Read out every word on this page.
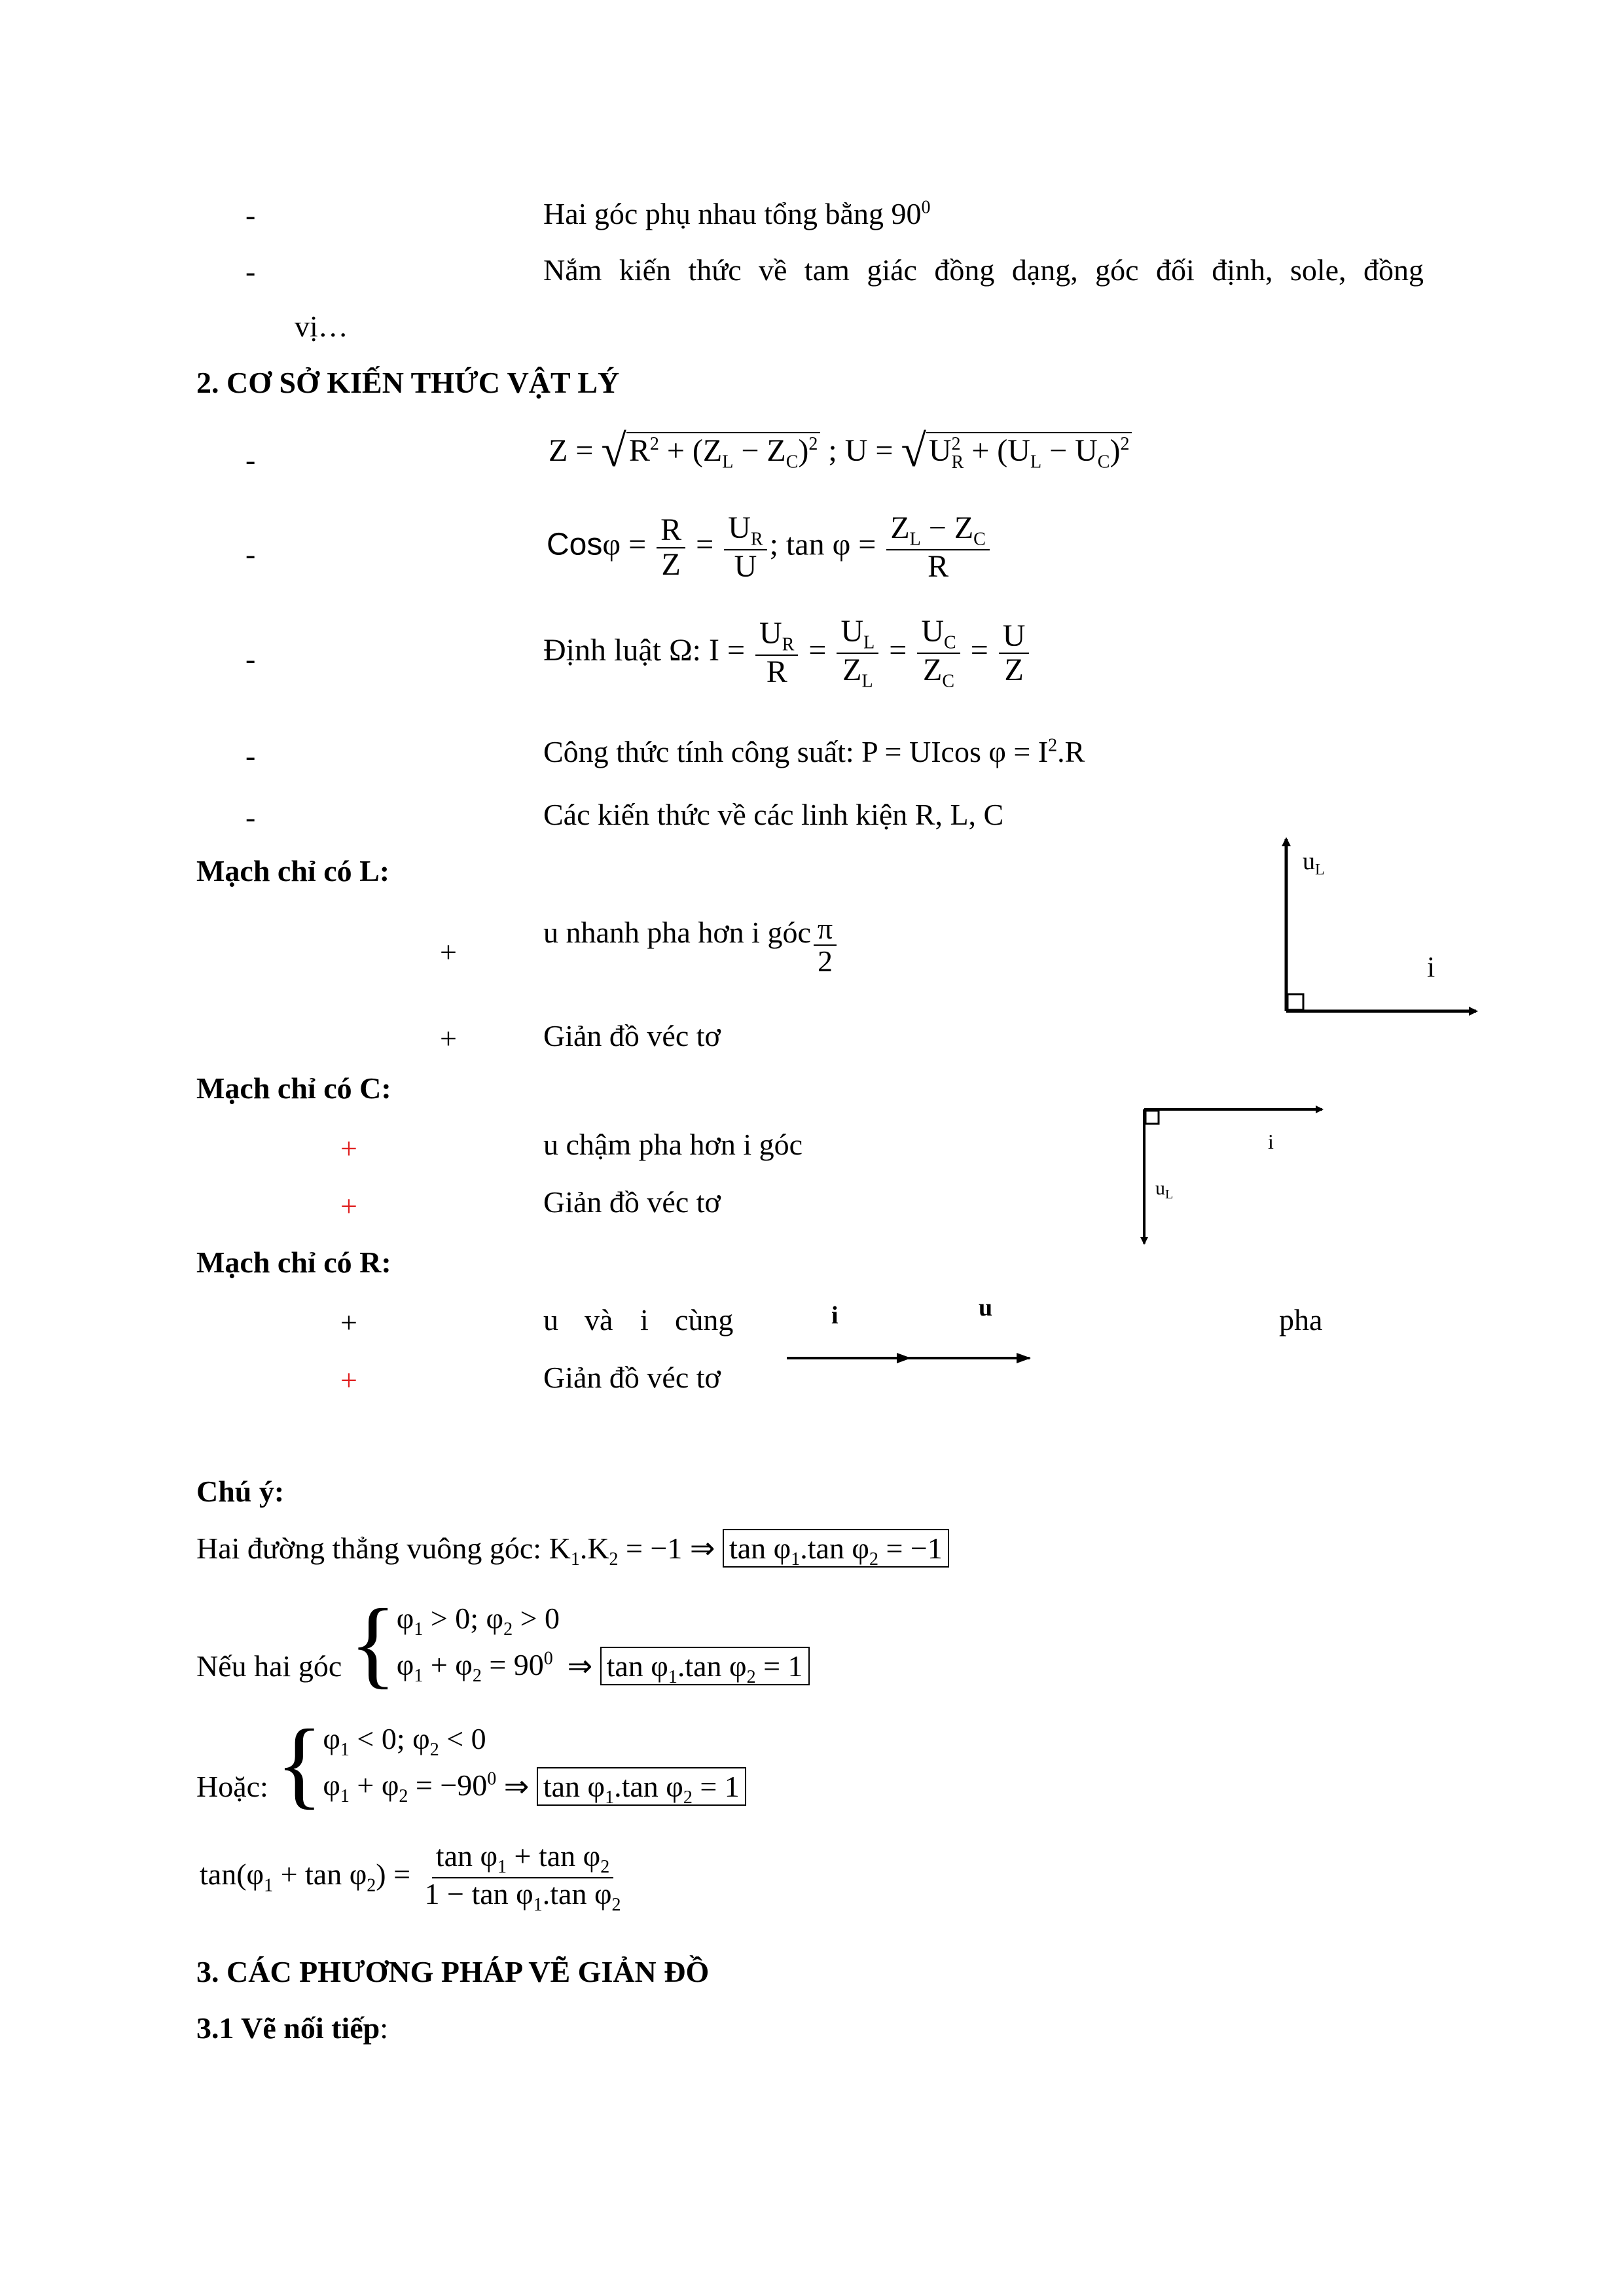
-	Hai góc phụ nhau tổng bằng $90^0$
-	Nắm kiến thức về tam giác đồng dạng, góc đối định, sole, đồng
vị…
2. CƠ SỞ KIẾN THỨC VẬT LÝ
-	$Z = √R^2 + (Z_L - Z_C)^2$ ; $U = √U^2_R + (U_L - U_C)^2$
-	$Cos\varphi = \frac{R}{Z} = \frac{U_R}{U}$ ; $\tan \varphi = \frac{Z_L - Z_C}{R}$
-	Định luật Ω: $I = \frac{U_R}{R} = \frac{U_L}{Z_L} = \frac{U_C}{Z_C} = \frac{U}{Z}$
-	Công thức tính công suất: P = UIcos $\varphi = I^2.R$
-	Các kiến thức về các linh kiện R, L, C
Mạch chỉ có L:
+
u nhanh pha hơn i góc $\frac{\pi}{2}$
+	Giản đồ véc tơ
$u_L$
i
Mạch chỉ có C:
+	u chậm pha hơn i góc
+	Giản đồ véc tơ
i
$u_L$
Mạch chỉ có R:
+	u và i cùng	pha
+	Giản đồ véc tơ
i	u
Chú ý:
Hai đường thẳng vuông góc: $K_1.K_2 = -1$ ⇒ $\tan \varphi_1.\tan$ $\varphi_2 = -1$
Nếu hai góc { $\varphi_1 > 0$; $\varphi_2 > 0$
$\varphi_1 + \varphi_2 = 90^0$ ⇒ $\tan \varphi_1.\tan$ $\varphi_2 = 1$
Hoặc: { $\varphi_1 < 0$; $\varphi_2 < 0$
$\varphi_1 + \varphi_2 = -90^0$ ⇒ $\tan \varphi_1.\tan$ $\varphi_2 = 1$
$\tan(\varphi_1 + \tan \varphi_2) = \frac{\tan \varphi_1 + \tan \varphi_2}{1 - \tan \varphi_1.\tan \varphi_2}$
3. CÁC PHƯƠNG PHÁP VẼ GIẢN ĐỒ
3.1 Vẽ nối tiếp:
